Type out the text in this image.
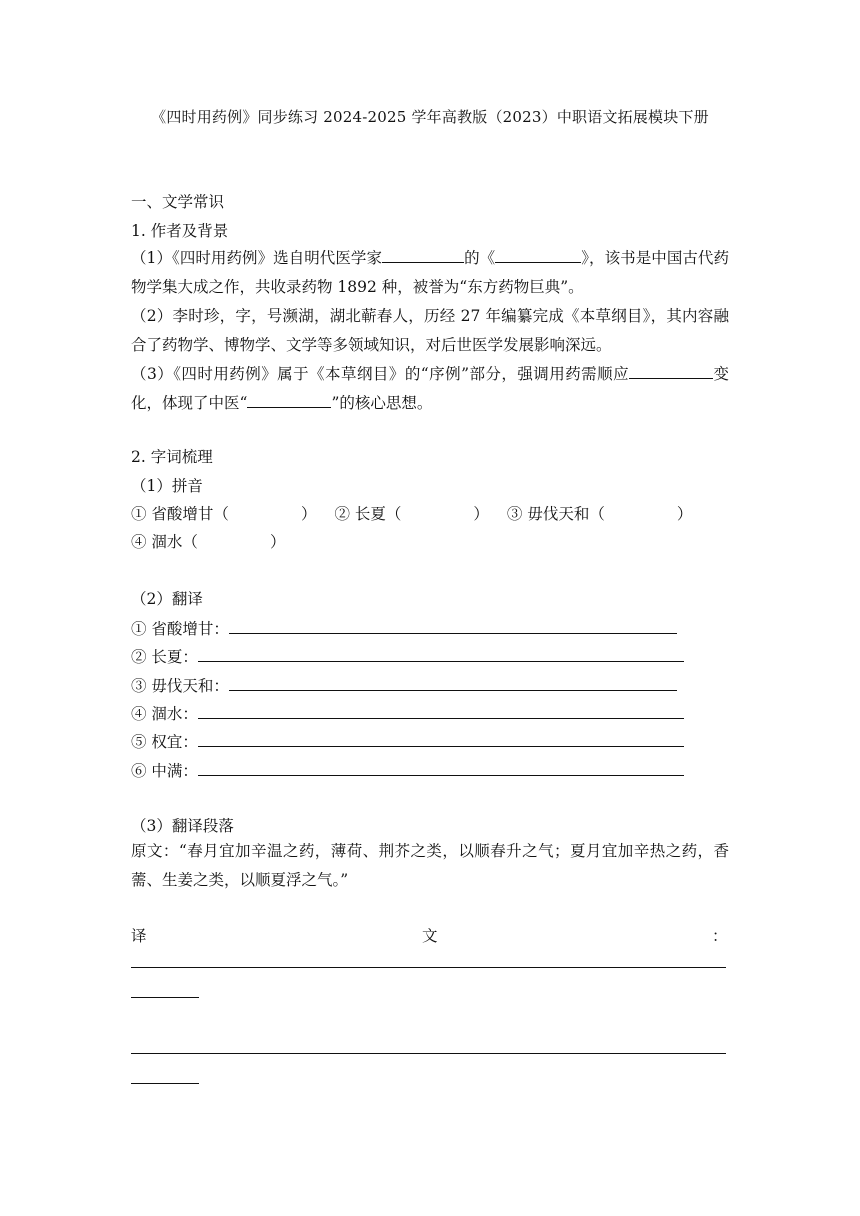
《四时用药例》同步练习 2024-2025 学年高教版（2023）中职语文拓展模块下册
一、文学常识
1. 作者及背景
（1）《四时用药例》选自明代医学家	的《	》，该书是中国古代药物学集大成之作，共收录药物 1892 种，被誉为“东方药物巨典”。
（2）李时珍，字，号濒湖，湖北蕲春人，历经 27 年编纂完成《本草纲目》，其内容融合了药物学、博物学、文学等多领域知识，对后世医学发展影响深远。
（3）《四时用药例》属于《本草纲目》的“序例”部分，强调用药需顺应	变化，体现了中医“	”的核心思想。
2. 字词梳理
（1）拼音
① 省酸增甘（	） ② 长夏（	） ③ 毋伐天和（	）
④ 涸水（	）
（2）翻译
① 省酸增甘：
② 长夏：
③ 毋伐天和：
④ 涸水：
⑤ 权宜：
⑥ 中满：
（3）翻译段落
原文：“春月宜加辛温之药，薄荷、荆芥之类，以顺春升之气；夏月宜加辛热之药，香薷、生姜之类，以顺夏浮之气。”
译	文	：
